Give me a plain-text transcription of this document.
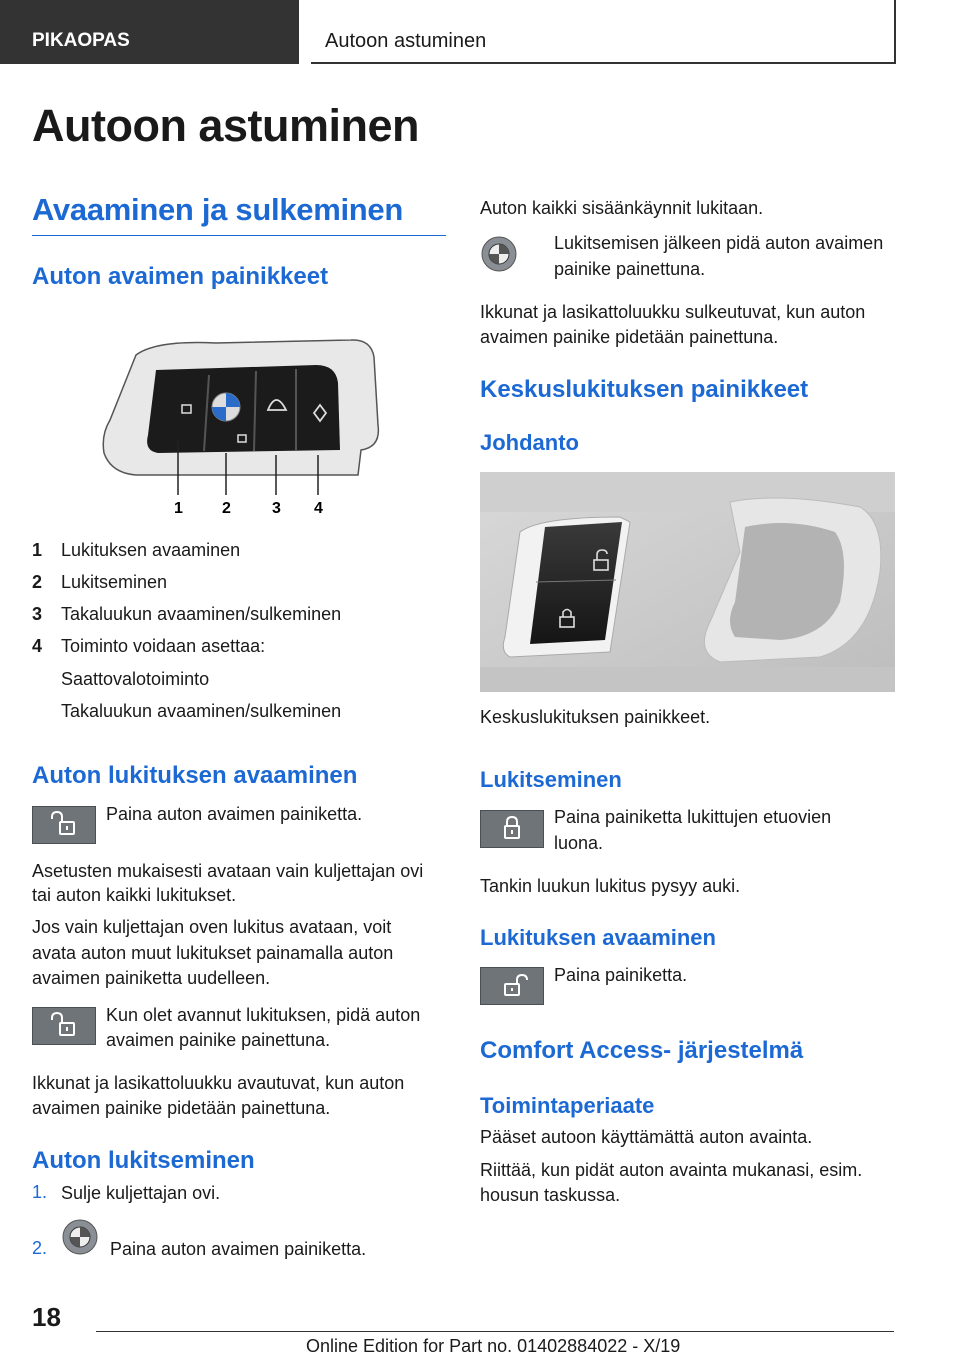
PIKAOPAS	Autoon astuminen
Autoon astuminen
Avaaminen ja sulkeminen
Auton avaimen painikkeet
1 2	3 4
1 Lukituksen avaaminen
2 Lukitseminen
3 Takaluukun avaaminen/sulkeminen
4 Toiminto voidaan asettaa:
Saattovalotoiminto
Takaluukun avaaminen/sulkeminen
Auton lukituksen avaaminen
Paina auton avaimen painiketta.
Asetusten mukaisesti avataan vain kuljettajan ovi
tai auton kaikki lukitukset.
Jos vain kuljettajan oven lukitus avataan, voit
avata auton muut lukitukset painamalla auton
avaimen painiketta uudelleen.
Kun olet avannut lukituksen, pidä auton
avaimen painike painettuna.
Ikkunat ja lasikattoluukku avautuvat, kun auton
avaimen painike pidetään painettuna.
Auton lukitseminen
1. Sulje kuljettajan ovi.
2.	Paina auton avaimen painiketta.
Auton kaikki sisäänkäynnit lukitaan.
Lukitsemisen jälkeen pidä auton avaimen
painike painettuna.
Ikkunat ja lasikattoluukku sulkeutuvat, kun auton
avaimen painike pidetään painettuna.
Keskuslukituksen painikkeet
Johdanto
Keskuslukituksen painikkeet.
Lukitseminen
Paina painiketta lukittujen etuovien
luona.
Tankin luukun lukitus pysyy auki.
Lukituksen avaaminen
Paina painiketta.
Comfort Access- järjestelmä
Toimintaperiaate
Pääset autoon käyttämättä auton avainta.
Riittää, kun pidät auton avainta mukanasi, esim.
housun taskussa.
18
Online Edition for Part no. 01402884022 - X/19
